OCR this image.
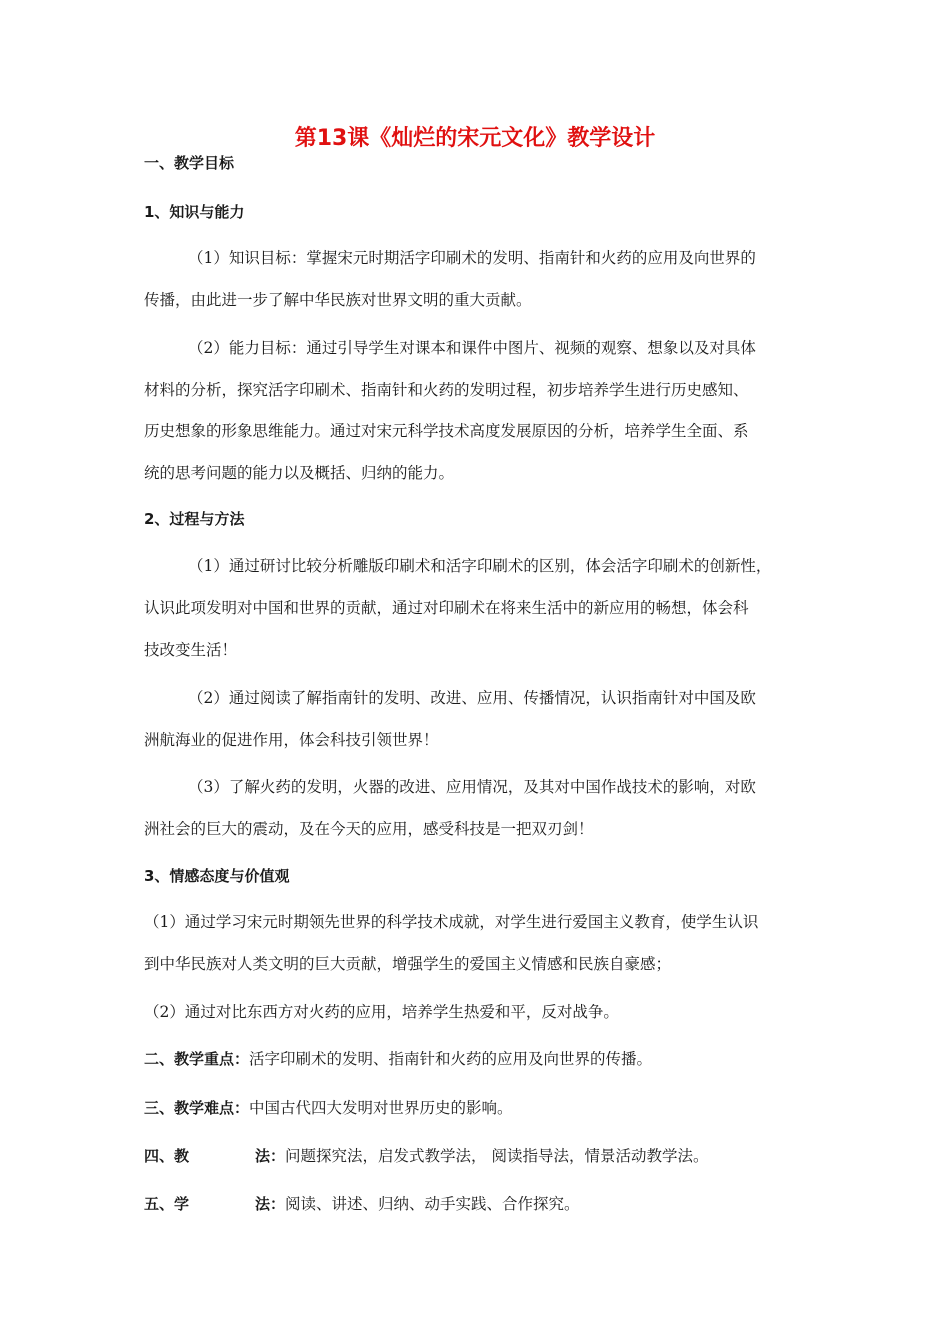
第13课《灿烂的宋元文化》教学设计
一、教学目标
1、知识与能力
（1）知识目标：掌握宋元时期活字印刷术的发明、指南针和火药的应用及向世界的
传播，由此进一步了解中华民族对世界文明的重大贡献。
（2）能力目标：通过引导学生对课本和课件中图片、视频的观察、想象以及对具体
材料的分析，探究活字印刷术、指南针和火药的发明过程，初步培养学生进行历史感知、
历史想象的形象思维能力。通过对宋元科学技术高度发展原因的分析，培养学生全面、系
统的思考问题的能力以及概括、归纳的能力。
2、过程与方法
（1）通过研讨比较分析雕版印刷术和活字印刷术的区别，体会活字印刷术的创新性，
认识此项发明对中国和世界的贡献，通过对印刷术在将来生活中的新应用的畅想，体会科
技改变生活！
（2）通过阅读了解指南针的发明、改进、应用、传播情况，认识指南针对中国及欧
洲航海业的促进作用，体会科技引领世界！
（3）了解火药的发明，火器的改进、应用情况，及其对中国作战技术的影响，对欧
洲社会的巨大的震动，及在今天的应用，感受科技是一把双刃剑！
3、情感态度与价值观
（1）通过学习宋元时期领先世界的科学技术成就，对学生进行爱国主义教育，使学生认识
到中华民族对人类文明的巨大贡献，增强学生的爱国主义情感和民族自豪感；
（2）通过对比东西方对火药的应用，培养学生热爱和平，反对战争。
二、教学重点：活字印刷术的发明、指南针和火药的应用及向世界的传播。
三、教学难点：中国古代四大发明对世界历史的影响。
四、教	法：问题探究法，启发式教学法， 阅读指导法，情景活动教学法。
五、学	法：阅读、讲述、归纳、动手实践、合作探究。
